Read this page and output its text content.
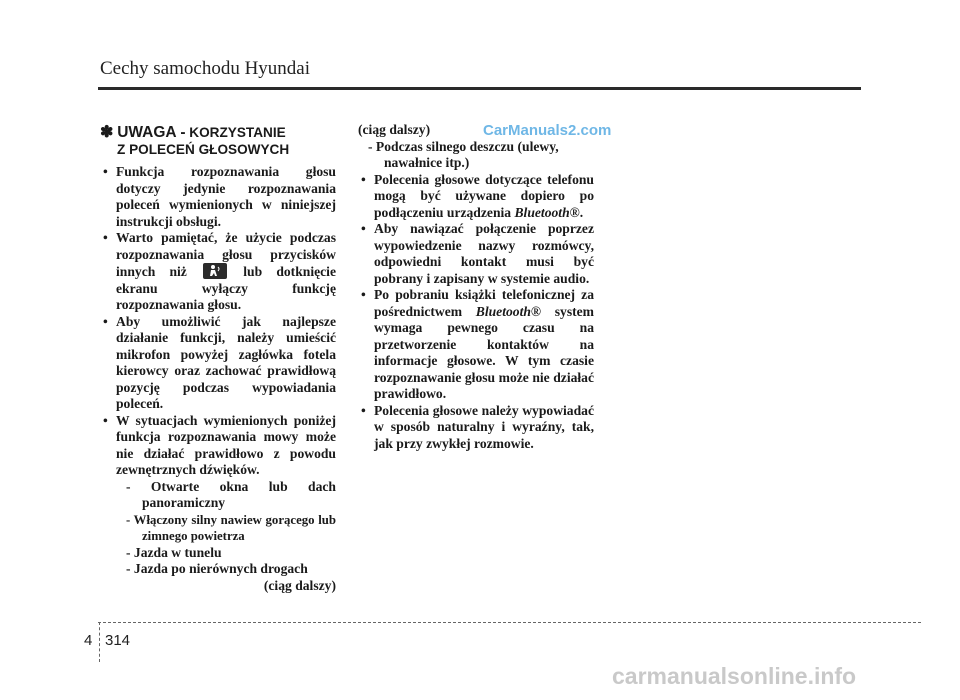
Cechy samochodu Hyundai
CarManuals2.com
✽ UWAGA - KORZYSTANIE
Z POLECEŃ GŁOSOWYCH
• Funkcja rozpoznawania głosu dotyczy jedynie rozpoznawania poleceń wymienionych w niniejszej instrukcji obsługi.
• Warto pamiętać, że użycie podczas rozpoznawania głosu przycisków innych niż	lub dotknięcie ekranu wyłączy funkcję rozpoznawania głosu.
• Aby umożliwić jak najlepsze działanie funkcji, należy umieścić mikrofon powyżej zagłówka fotela kierowcy oraz zachować prawidłową pozycję podczas wypowiadania poleceń.
• W sytuacjach wymienionych poniżej funkcja rozpoznawania mowy może nie działać prawidłowo z powodu zewnętrznych dźwięków.
- Otwarte okna lub dach panoramiczny
- Włączony silny nawiew gorącego lub zimnego powietrza
- Jazda w tunelu
- Jazda po nierównych drogach
(ciąg dalszy)
(ciąg dalszy)
- Podczas silnego deszczu (ulewy, nawałnice itp.)
• Polecenia głosowe dotyczące telefonu mogą być używane dopiero po podłączeniu urządzenia Bluetooth®.
• Aby nawiązać połączenie poprzez wypowiedzenie nazwy rozmówcy, odpowiedni kontakt musi być pobrany i zapisany w systemie audio.
• Po pobraniu książki telefonicznej za pośrednictwem Bluetooth® system wymaga pewnego czasu na przetworzenie kontaktów na informacje głosowe. W tym czasie rozpoznawanie głosu może nie działać prawidłowo.
• Polecenia głosowe należy wypowiadać w sposób naturalny i wyraźny, tak, jak przy zwykłej rozmowie.
4 314
carmanualsonline.info
